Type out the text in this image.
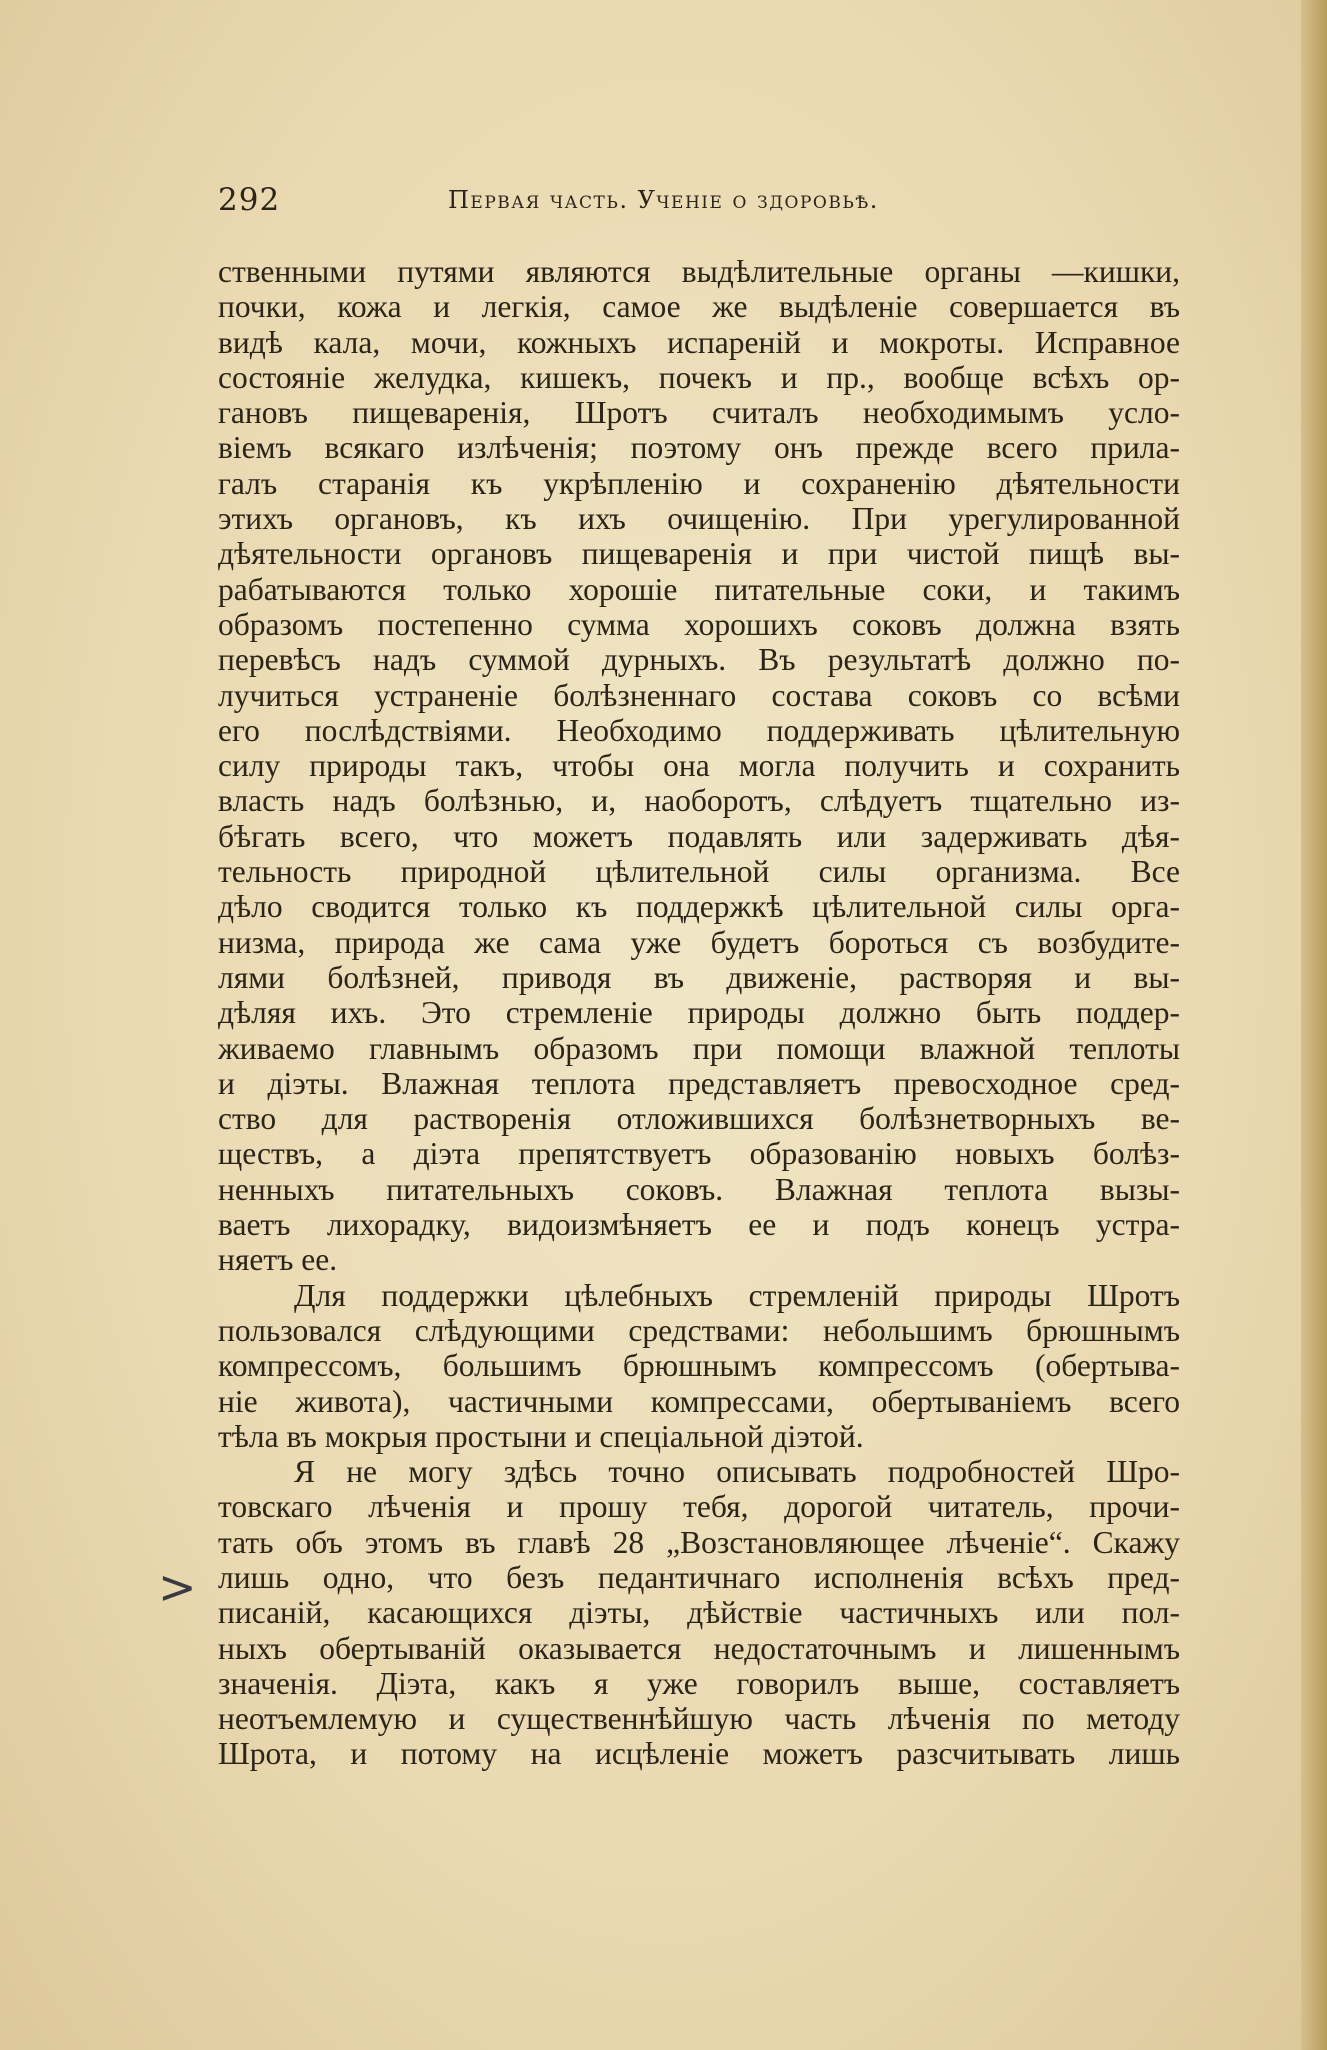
292	Первая часть. Ученіе о здоровьѣ.
>
ственными путями являются выдѣлительные органы —кишки,
почки, кожа и легкія, самое же выдѣленіе совершается въ
видѣ кала, мочи, кожныхъ испареній и мокроты. Исправное
состояніе желудка, кишекъ, почекъ и пр., вообще всѣхъ ор-
гановъ пищеваренія, Шротъ считалъ необходимымъ усло-
віемъ всякаго излѣченія; поэтому онъ прежде всего прила-
галъ старанія къ укрѣпленію и сохраненію дѣятельности
этихъ органовъ, къ ихъ очищенію. При урегулированной
дѣятельности органовъ пищеваренія и при чистой пищѣ вы-
рабатываются только хорошіе питательные соки, и такимъ
образомъ постепенно сумма хорошихъ соковъ должна взять
перевѣсъ надъ суммой дурныхъ. Въ результатѣ должно по-
лучиться устраненіе болѣзненнаго состава соковъ со всѣми
его послѣдствіями. Необходимо поддерживать цѣлительную
силу природы такъ, чтобы она могла получить и сохранить
власть надъ болѣзнью, и, наоборотъ, слѣдуетъ тщательно из-
бѣгать всего, что можетъ подавлять или задерживать дѣя-
тельность природной цѣлительной силы организма. Все
дѣло сводится только къ поддержкѣ цѣлительной силы орга-
низма, природа же сама уже будетъ бороться съ возбудите-
лями болѣзней, приводя въ движеніе, растворяя и вы-
дѣляя ихъ. Это стремленіе природы должно быть поддер-
живаемо главнымъ образомъ при помощи влажной теплоты
и діэты. Влажная теплота представляетъ превосходное сред-
ство для растворенія отложившихся болѣзнетворныхъ ве-
ществъ, а діэта препятствуетъ образованію новыхъ болѣз-
ненныхъ питательныхъ соковъ. Влажная теплота вызы-
ваетъ лихорадку, видоизмѣняетъ ее и подъ конецъ устра-
няетъ ее.
Для поддержки цѣлебныхъ стремленій природы Шротъ
пользовался слѣдующими средствами: небольшимъ брюшнымъ
компрессомъ, большимъ брюшнымъ компрессомъ (обертыва-
ніе живота), частичными компрессами, обертываніемъ всего
тѣла въ мокрыя простыни и спеціальной діэтой.
Я не могу здѣсь точно описывать подробностей Шро-
товскаго лѣченія и прошу тебя, дорогой читатель, прочи-
тать объ этомъ въ главѣ 28 „Возстановляющее лѣченіе“. Скажу
лишь одно, что безъ педантичнаго исполненія всѣхъ пред-
писаній, касающихся діэты, дѣйствіе частичныхъ или пол-
ныхъ обертываній оказывается недостаточнымъ и лишеннымъ
значенія. Діэта, какъ я уже говорилъ выше, составляетъ
неотъемлемую и существеннѣйшую часть лѣченія по методу
Шрота, и потому на исцѣленіе можетъ разсчитывать лишь
